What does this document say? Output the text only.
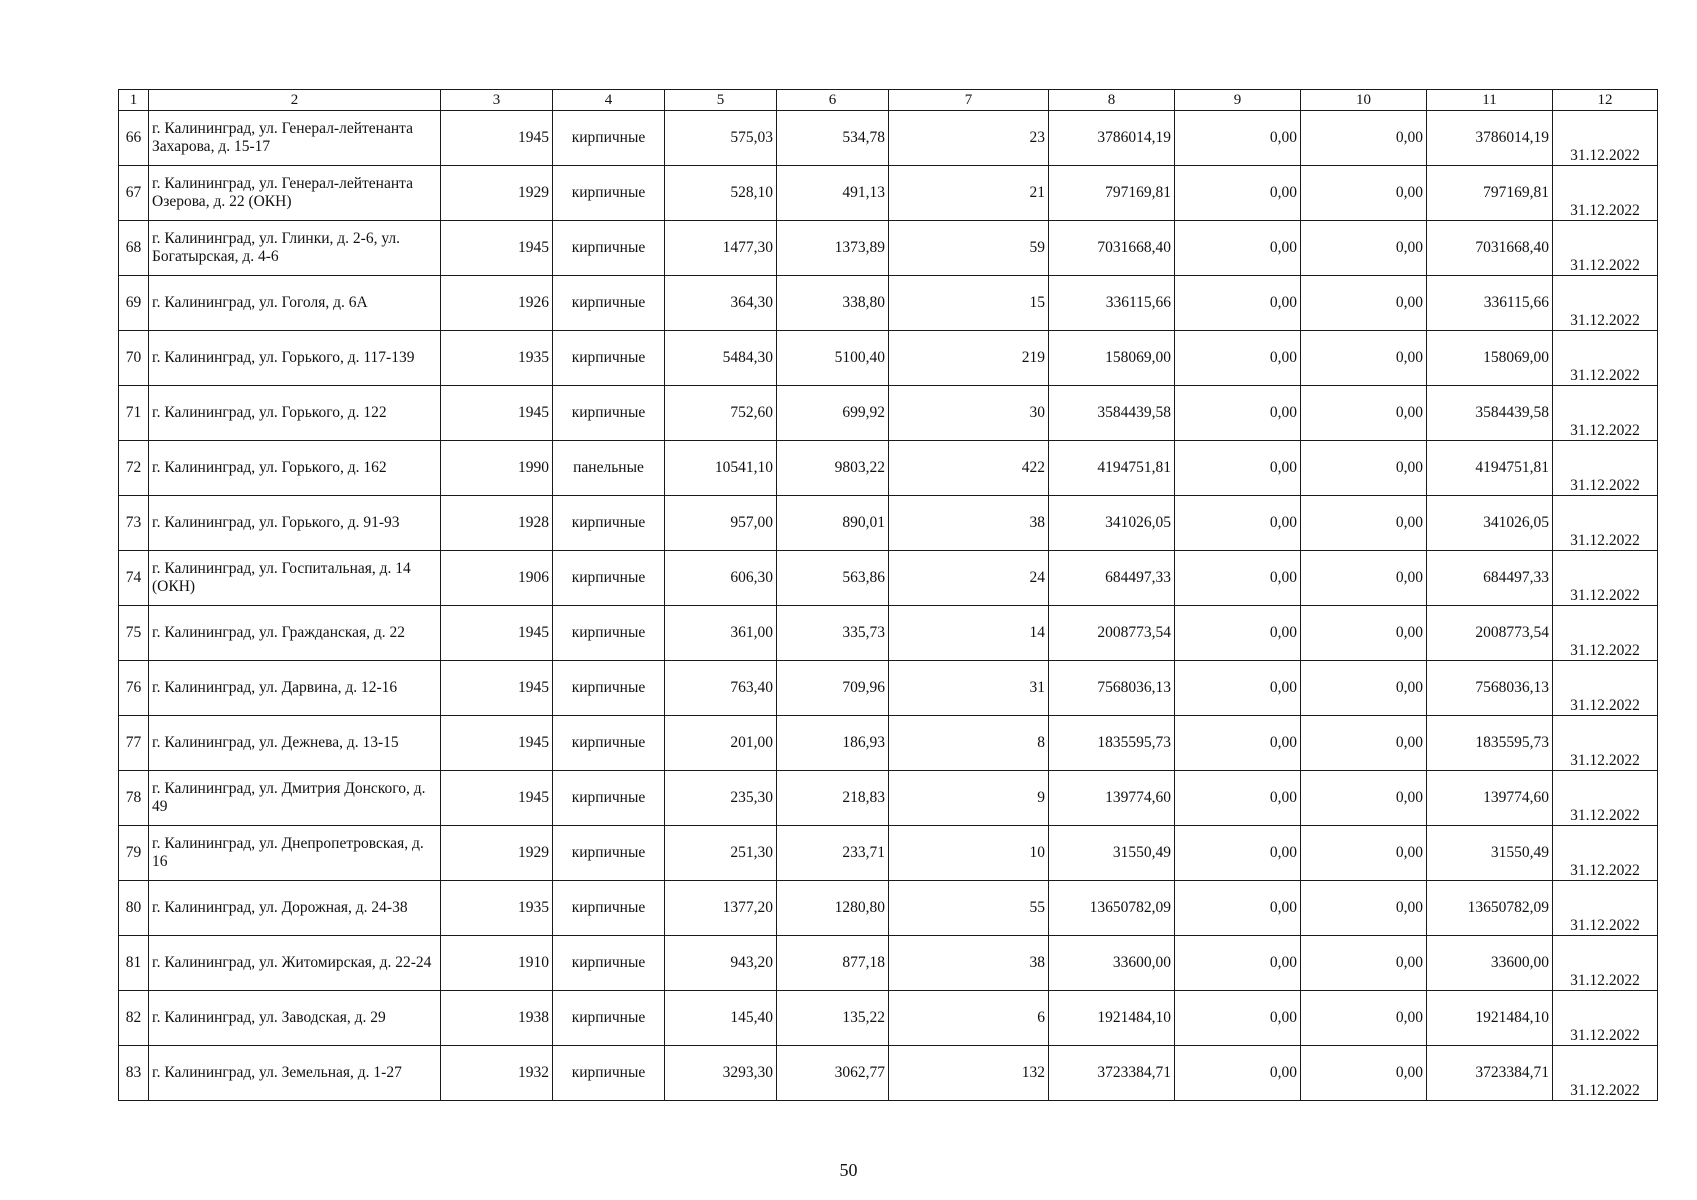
1	2	3	4	5	6	7	8	9	10	11	12
66	г. Калининград, ул. Генерал-лейтенанта Захарова, д. 15-17	1945	кирпичные	575,03	534,78	23	3786014,19	0,00	0,00	3786014,19	31.12.2022
67	г. Калининград, ул. Генерал-лейтенанта Озерова, д. 22 (ОКН)	1929	кирпичные	528,10	491,13	21	797169,81	0,00	0,00	797169,81	31.12.2022
68	г. Калининград, ул. Глинки, д. 2-6, ул. Богатырская, д. 4-6	1945	кирпичные	1477,30	1373,89	59	7031668,40	0,00	0,00	7031668,40	31.12.2022
69	г. Калининград, ул. Гоголя, д. 6А	1926	кирпичные	364,30	338,80	15	336115,66	0,00	0,00	336115,66	31.12.2022
70	г. Калининград, ул. Горького, д. 117-139	1935	кирпичные	5484,30	5100,40	219	158069,00	0,00	0,00	158069,00	31.12.2022
71	г. Калининград, ул. Горького, д. 122	1945	кирпичные	752,60	699,92	30	3584439,58	0,00	0,00	3584439,58	31.12.2022
72	г. Калининград, ул. Горького, д. 162	1990	панельные	10541,10	9803,22	422	4194751,81	0,00	0,00	4194751,81	31.12.2022
73	г. Калининград, ул. Горького, д. 91-93	1928	кирпичные	957,00	890,01	38	341026,05	0,00	0,00	341026,05	31.12.2022
74	г. Калининград, ул. Госпитальная, д. 14 (ОКН)	1906	кирпичные	606,30	563,86	24	684497,33	0,00	0,00	684497,33	31.12.2022
75	г. Калининград, ул. Гражданская, д. 22	1945	кирпичные	361,00	335,73	14	2008773,54	0,00	0,00	2008773,54	31.12.2022
76	г. Калининград, ул. Дарвина, д. 12-16	1945	кирпичные	763,40	709,96	31	7568036,13	0,00	0,00	7568036,13	31.12.2022
77	г. Калининград, ул. Дежнева, д. 13-15	1945	кирпичные	201,00	186,93	8	1835595,73	0,00	0,00	1835595,73	31.12.2022
78	г. Калининград, ул. Дмитрия Донского, д. 49	1945	кирпичные	235,30	218,83	9	139774,60	0,00	0,00	139774,60	31.12.2022
79	г. Калининград, ул. Днепропетровская, д. 16	1929	кирпичные	251,30	233,71	10	31550,49	0,00	0,00	31550,49	31.12.2022
80	г. Калининград, ул. Дорожная, д. 24-38	1935	кирпичные	1377,20	1280,80	55	13650782,09	0,00	0,00	13650782,09	31.12.2022
81	г. Калининград, ул. Житомирская, д. 22-24	1910	кирпичные	943,20	877,18	38	33600,00	0,00	0,00	33600,00	31.12.2022
82	г. Калининград, ул. Заводская, д. 29	1938	кирпичные	145,40	135,22	6	1921484,10	0,00	0,00	1921484,10	31.12.2022
83	г. Калининград, ул. Земельная, д. 1-27	1932	кирпичные	3293,30	3062,77	132	3723384,71	0,00	0,00	3723384,71	31.12.2022
50
